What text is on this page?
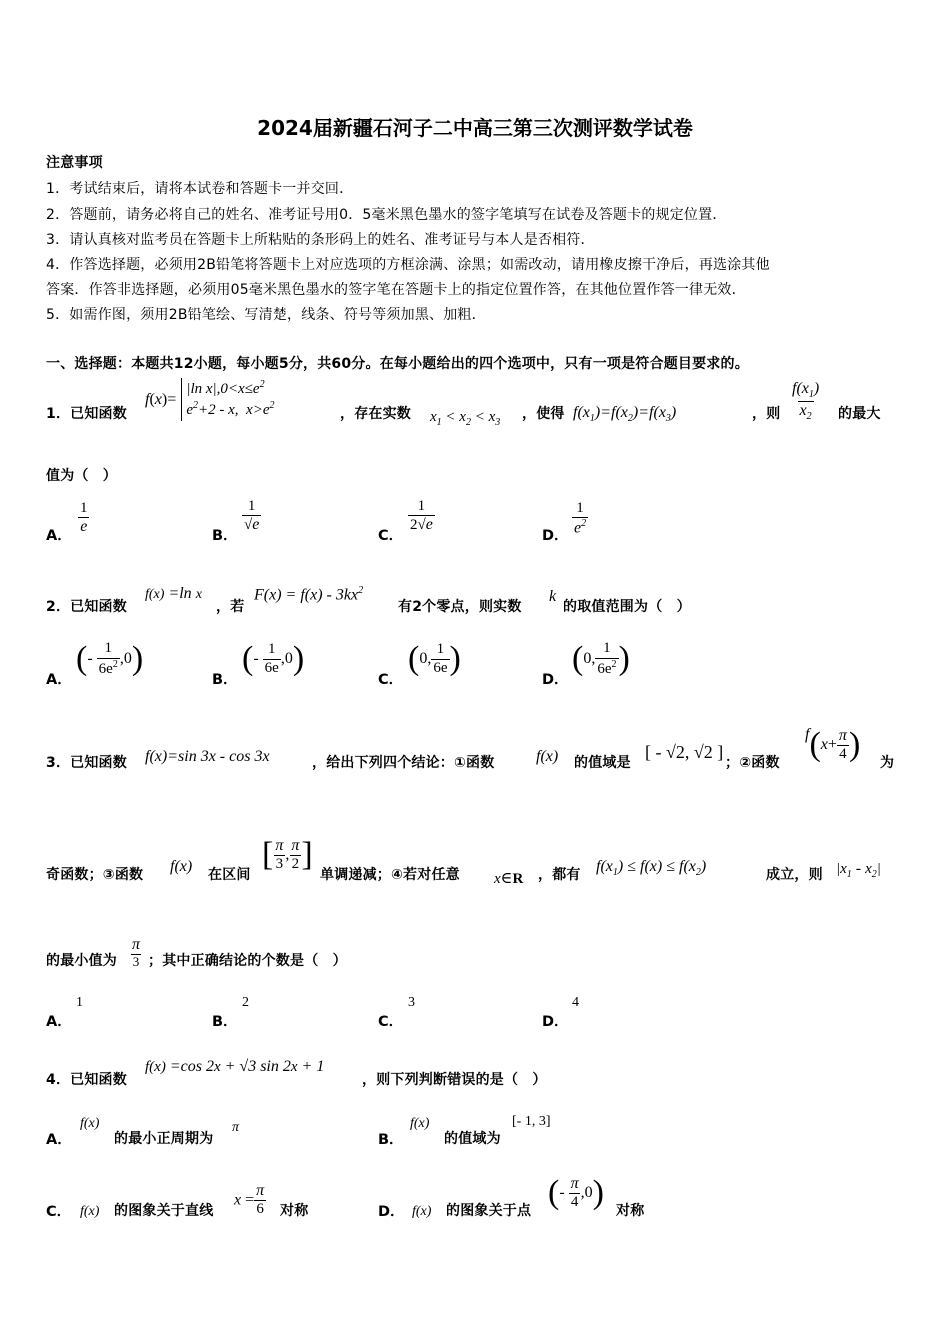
2024届新疆石河子二中高三第三次测评数学试卷
注意事项
1．考试结束后，请将本试卷和答题卡一并交回．
2．答题前，请务必将自己的姓名、准考证号用0．5毫米黑色墨水的签字笔填写在试卷及答题卡的规定位置．
3．请认真核对监考员在答题卡上所粘贴的条形码上的姓名、准考证号与本人是否相符．
4．作答选择题，必须用2B铅笔将答题卡上对应选项的方框涂满、涂黑；如需改动，请用橡皮擦干净后，再选涂其他
答案．作答非选择题，必须用05毫米黑色墨水的签字笔在答题卡上的指定位置作答，在其他位置作答一律无效．
5．如需作图，须用2B铅笔绘、写清楚，线条、符号等须加黑、加粗．
一、选择题：本题共12小题，每小题5分，共60分。在每小题给出的四个选项中，只有一项是符合题目要求的。
1．已知函数
f(x)= |ln $x|,0<x\le e^2$
$e^2+2 - x$,  $x>e^2$
，存在实数 $x_1 < x_2 < x_3$
，使得 $f(x_1)=f(x_2)=f(x_3)$	，则 $\frac{f(x_1)}{x_2}$ 的最大
值为（　）
A． $\frac{1}{e}$	B．
$\frac{1}{√e}$
C．
$\frac{1}{2√e}$
D． $\frac{1}{e^2}$
2．已知函数
f(x) =ln x
，若
$F(x) = f(x) - 3kx^2$
有2个零点，则实数
k
的取值范围为（　）
A．
(- $\frac{1}{6e^2} ,0$)
B．
(- $\frac{1}{6e} ,0$)
C．
(0, $\frac{1}{6e}$ )
D．
(0, $\frac{1}{6e^2}$ )
3．已知函数 f(x)=sin 3x - cos 3x	，给出下列四个结论：①函数	f(x) 的值域是
[ - √2, √2 ]
；②函数
$f(x+ \frac{\pi}{4}$ ) 为
奇函数；③函数 f(x) 在区间
[ $\frac{\pi}{3}$ , $\frac{\pi}{2}$ ]
单调递减；④若对任意 x∈R ，都有 $f(x_1) \le f(x) \le f(x_2)$	成立，则 $|x_1 - x_2|$
的最小值为 $\frac{\pi}{3}$ ；其中正确结论的个数是（　）
A．
1
B．
2
C．
3
D．
4
4．已知函数
f(x) =cos 2x + √3 sin 2x + 1
，则下列判断错误的是（　）
A．
f(x)
的最小正周期为
π
B．
f(x)
的值域为
[- 1, 3]
C． f(x) 的图象关于直线
$x = \frac{\pi}{6}$ 对称	D． f(x) 的图象关于点 (- $\frac{\pi}{4} ,0$) 对称
